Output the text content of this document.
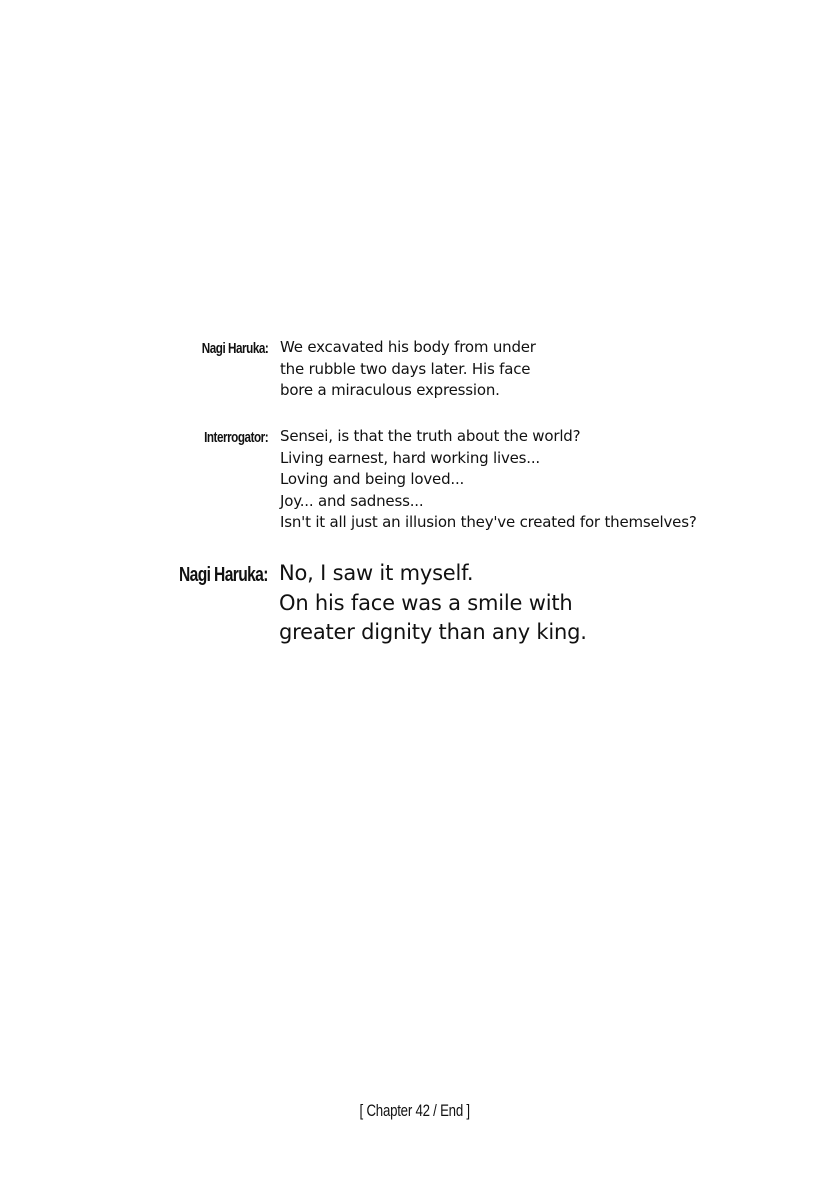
Nagi Haruka: We excavated his body from under
the rubble two days later. His face
bore a miraculous expression.
Interrogator: Sensei, is that the truth about the world?
Living earnest, hard working lives...
Loving and being loved...
Joy... and sadness...
Isn't it all just an illusion they've created for themselves?
Nagi Haruka: No, I saw it myself.
On his face was a smile with
greater dignity than any king.
[ Chapter 42 / End ]
